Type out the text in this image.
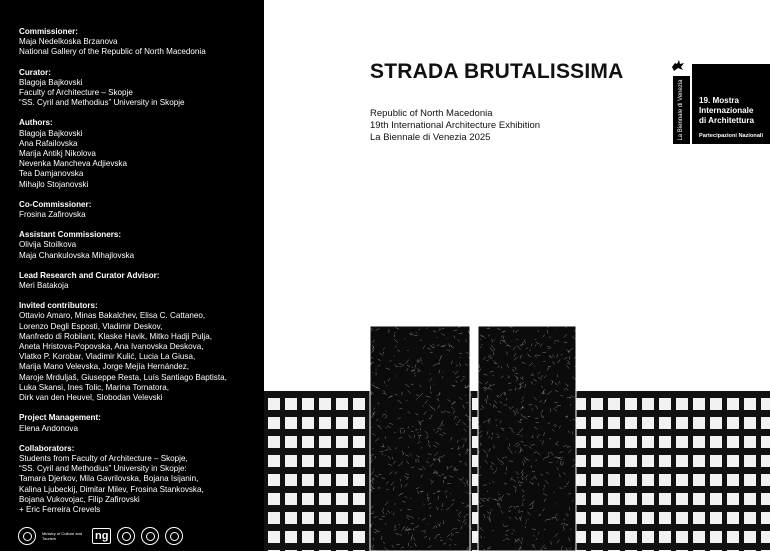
Commissioner:
Maja Nedelkoska Brzanova
National Gallery of the Republic of North Macedonia
Curator:
Blagoja Bajkovski
Faculty of Architecture – Skopje
“SS. Cyril and Methodius” University in Skopje
Authors:
Blagoja Bajkovski
Ana Rafailovska
Marija Antikj Nikolova
Nevenka Mancheva Adjievska
Tea Damjanovska
Mihajlo Stojanovski
Co-Commissioner:
Frosina Zafirovska
Assistant Commissioners:
Olivija Stoilkova
Maja Chankulovska Mihajlovska
Lead Research and Curator Advisor:
Meri Batakoja
Invited contributors:
Ottavio Amaro, Minas Bakalchev, Elisa C. Cattaneo,
Lorenzo Degli Esposti, Vladimir Deskov,
Manfredo di Robilant, Klaske Havik, Mitko Hadji Pulja,
Aneta Hristova-Popovska, Ana Ivanovska Deskova,
Vlatko P. Korobar, Vladimir Kulić, Lucia La Giusa,
Marija Mano Velevska, Jorge Mejía Hernández,
Maroje Mrduljaš, Giuseppe Resta, Luís Santiago Baptista,
Luka Skansi, Ines Tolic, Marina Tornatora,
Dirk van den Heuvel, Slobodan Velevski
Project Management:
Elena Andonova
Collaborators:
Students from Faculty of Architecture – Skopje,
“SS. Cyril and Methodius” University in Skopje:
Tamara Djerkov, Mila Gavrilovska, Bojana Isijanin,
Kalina Ljubeckij, Dimitar Milev, Frosina Stankovska,
Bojana Vukovojac, Filip Zafirovski
+ Eric Ferreira Crevels
Ministry of Culture and Tourism	ng
STRADA BRUTALISSIMA
Republic of North Macedonia
19th International Architecture Exhibition
La Biennale di Venezia 2025	La Biennale di Venezia 19. Mostra
Internazionale
di Architettura
Partecipazioni Nazionali
